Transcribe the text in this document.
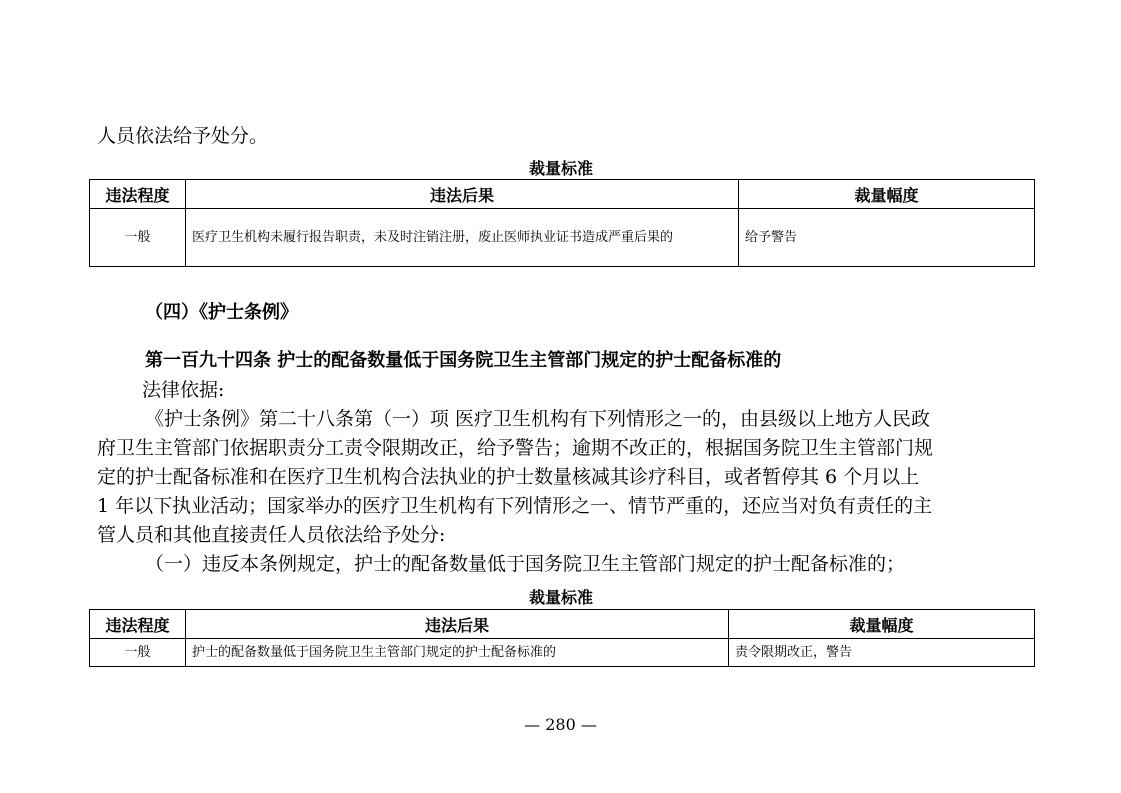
人员依法给予处分。
裁量标准
违法程度	违法后果	裁量幅度
一般	医疗卫生机构未履行报告职责，未及时注销注册，废止医师执业证书造成严重后果的	给予警告
（四）《护士条例》
第一百九十四条 护士的配备数量低于国务院卫生主管部门规定的护士配备标准的
法律依据:
《护士条例》第二十八条第（一）项 医疗卫生机构有下列情形之一的，由县级以上地方人民政
府卫生主管部门依据职责分工责令限期改正，给予警告；逾期不改正的，根据国务院卫生主管部门规
定的护士配备标准和在医疗卫生机构合法执业的护士数量核减其诊疗科目，或者暂停其 6 个月以上
1 年以下执业活动；国家举办的医疗卫生机构有下列情形之一、情节严重的，还应当对负有责任的主
管人员和其他直接责任人员依法给予处分:
（一）违反本条例规定，护士的配备数量低于国务院卫生主管部门规定的护士配备标准的；
裁量标准
违法程度	违法后果	裁量幅度
一般	护士的配备数量低于国务院卫生主管部门规定的护士配备标准的	责令限期改正，警告
— 280 —
